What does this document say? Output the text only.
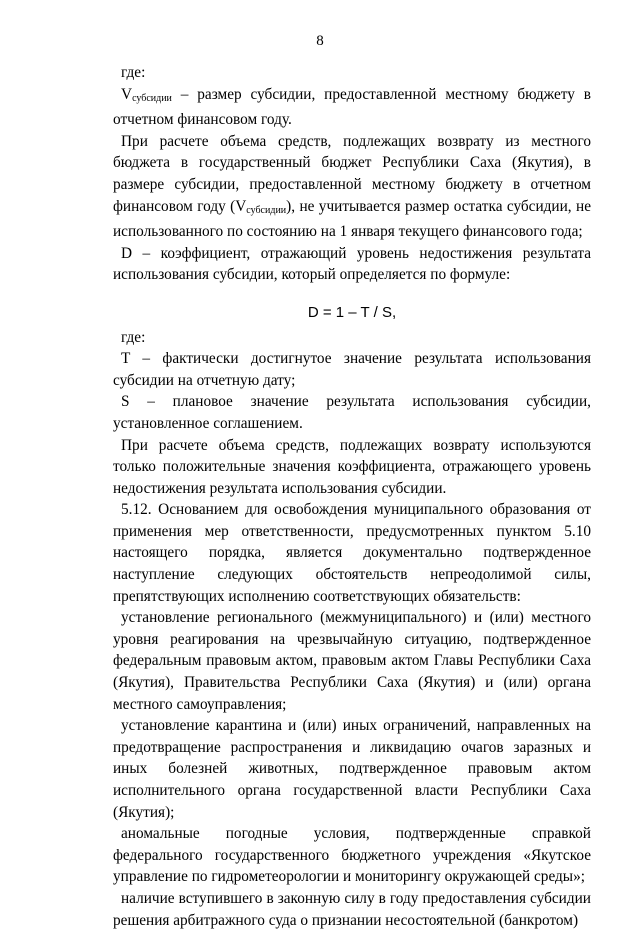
8

где:

$V_{субсидии}$ – размер субсидии, предоставленной местному бюджету в отчетном финансовом году.

При расчете объема средств, подлежащих возврату из местного бюджета в государственный бюджет Республики Саха (Якутия), в размере субсидии, предоставленной местному бюджету в отчетном финансовом году $(V_{субсидии})$, не учитывается размер остатка субсидии, не использованного по состоянию на 1 января текущего финансового года;

D – коэффициент, отражающий уровень недостижения результата использования субсидии, который определяется по формуле:

D = 1 – T / S,

где:

T – фактически достигнутое значение результата использования субсидии на отчетную дату;

S – плановое значение результата использования субсидии, установленное соглашением.

При расчете объема средств, подлежащих возврату используются только положительные значения коэффициента, отражающего уровень недостижения результата использования субсидии.

5.12. Основанием для освобождения муниципального образования от применения мер ответственности, предусмотренных пунктом 5.10 настоящего порядка, является документально подтвержденное наступление следующих обстоятельств непреодолимой силы, препятствующих исполнению соответствующих обязательств:

установление регионального (межмуниципального) и (или) местного уровня реагирования на чрезвычайную ситуацию, подтвержденное федеральным правовым актом, правовым актом Главы Республики Саха (Якутия), Правительства Республики Саха (Якутия) и (или) органа местного самоуправления;

установление карантина и (или) иных ограничений, направленных на предотвращение распространения и ликвидацию очагов заразных и иных болезней животных, подтвержденное правовым актом исполнительного органа государственной власти Республики Саха (Якутия);

аномальные погодные условия, подтвержденные справкой федерального государственного бюджетного учреждения «Якутское управление по гидрометеорологии и мониторингу окружающей среды»;

наличие вступившего в законную силу в году предоставления субсидии решения арбитражного суда о признании несостоятельной (банкротом)
